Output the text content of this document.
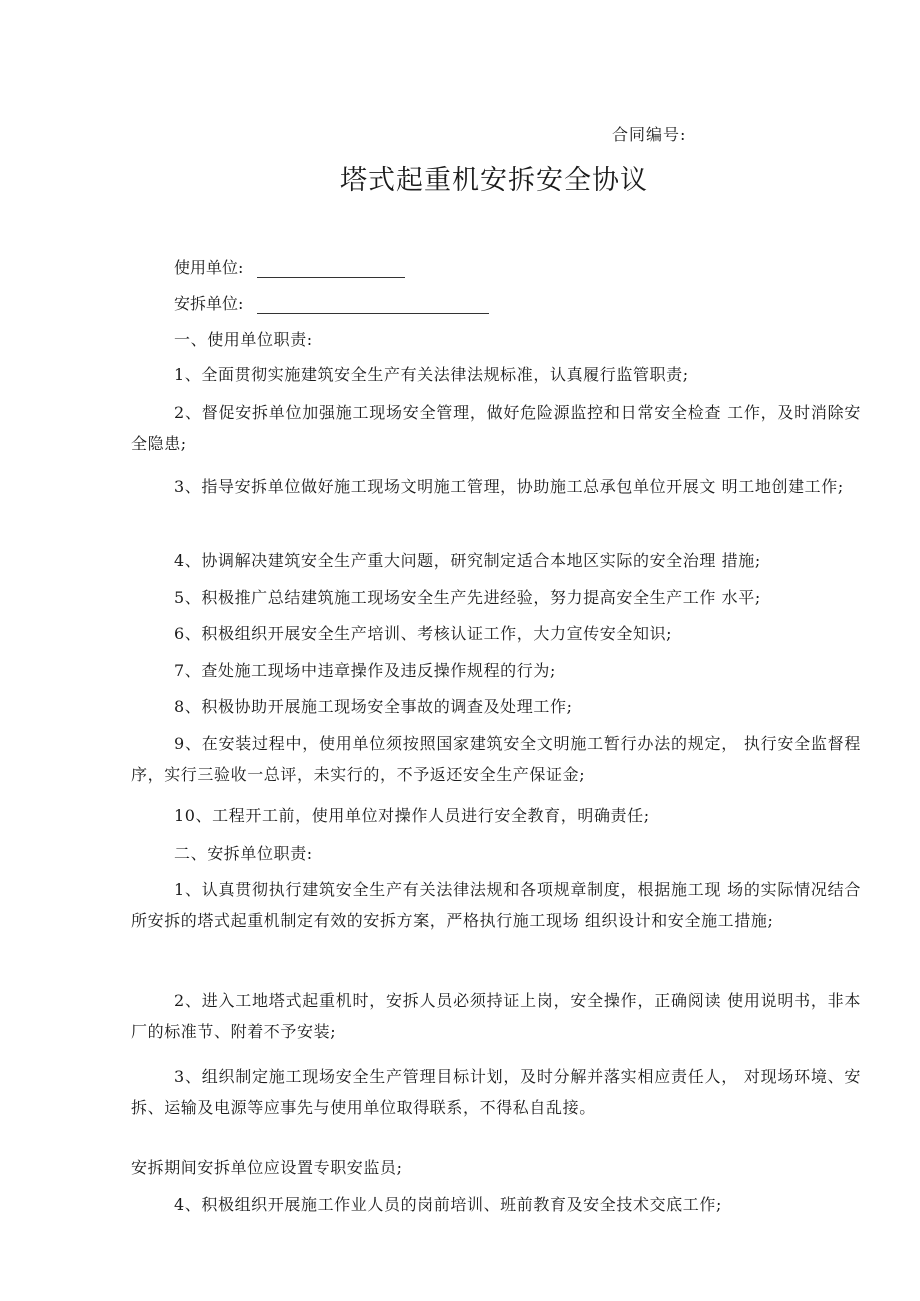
合同编号:
塔式起重机安拆安全协议
使用单位:
安拆单位:

一、使用单位职责:

1、全面贯彻实施建筑安全生产有关法律法规标准，认真履行监管职责;

2、督促安拆单位加强施工现场安全管理，做好危险源监控和日常安全检查 工作，及时消除安全隐患;

3、指导安拆单位做好施工现场文明施工管理，协助施工总承包单位开展文 明工地创建工作;

4、协调解决建筑安全生产重大问题，研究制定适合本地区实际的安全治理 措施;

5、积极推广总结建筑施工现场安全生产先进经验，努力提高安全生产工作 水平;

6、积极组织开展安全生产培训、考核认证工作，大力宣传安全知识;

7、查处施工现场中违章操作及违反操作规程的行为;

8、积极协助开展施工现场安全事故的调查及处理工作;

9、在安装过程中，使用单位须按照国家建筑安全文明施工暂行办法的规定， 执行安全监督程序，实行三验收一总评，未实行的，不予返还安全生产保证金;

10、工程开工前，使用单位对操作人员进行安全教育，明确责任;

二、安拆单位职责:

1、认真贯彻执行建筑安全生产有关法律法规和各项规章制度，根据施工现 场的实际情况结合所安拆的塔式起重机制定有效的安拆方案，严格执行施工现场 组织设计和安全施工措施;

2、进入工地塔式起重机时，安拆人员必须持证上岗，安全操作，正确阅读 使用说明书，非本厂的标准节、附着不予安装;

3、组织制定施工现场安全生产管理目标计划，及时分解并落实相应责任人， 对现场环境、安拆、运输及电源等应事先与使用单位取得联系，不得私自乱接。

安拆期间安拆单位应设置专职安监员;

4、积极组织开展施工作业人员的岗前培训、班前教育及安全技术交底工作;
